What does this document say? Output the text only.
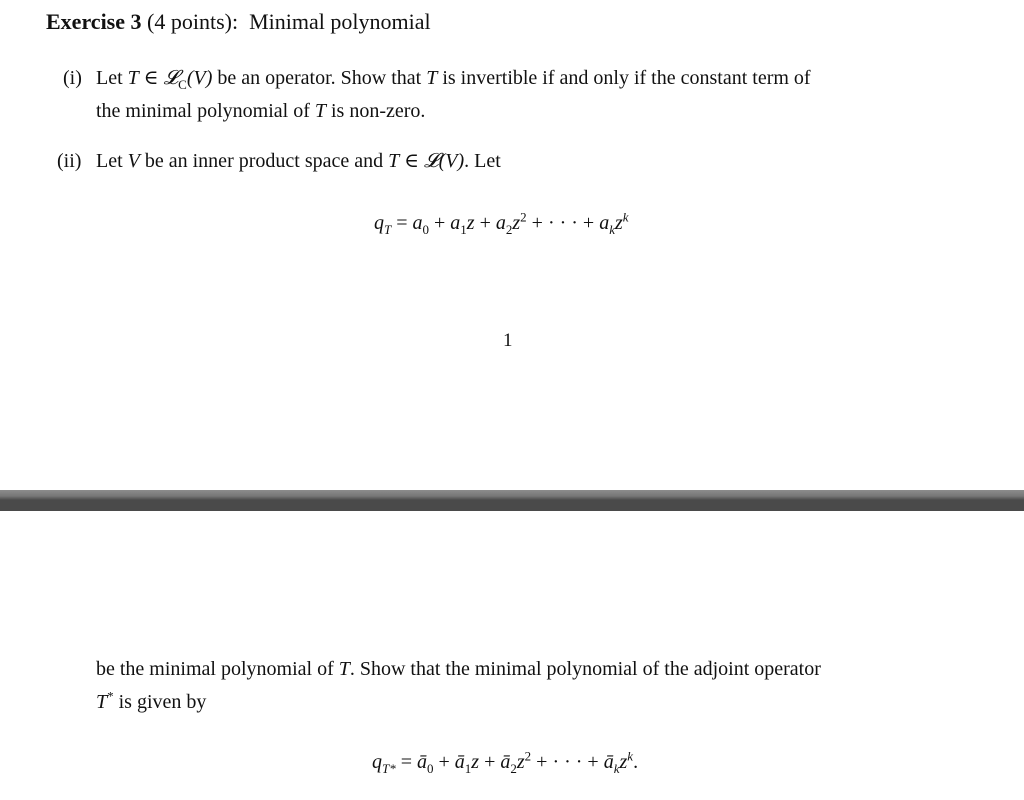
Exercise 3 (4 points): Minimal polynomial
(i) Let T ∈ 𝓛$_C$(V) be an operator. Show that T is invertible if and only if the constant term of
the minimal polynomial of T is non-zero.
(ii) Let V be an inner product space and T ∈ 𝓛(V). Let
$q_T = a_0 + a_1z + a_2z^2$ + · · · + $a_kz^k$
1
be the minimal polynomial of T. Show that the minimal polynomial of the adjoint operator
T* is given by
$q_{T*}$ = $ā_0$ + $ā_1z$ + $ā_2z^2$ + · · · + $ā_kz^k$.
